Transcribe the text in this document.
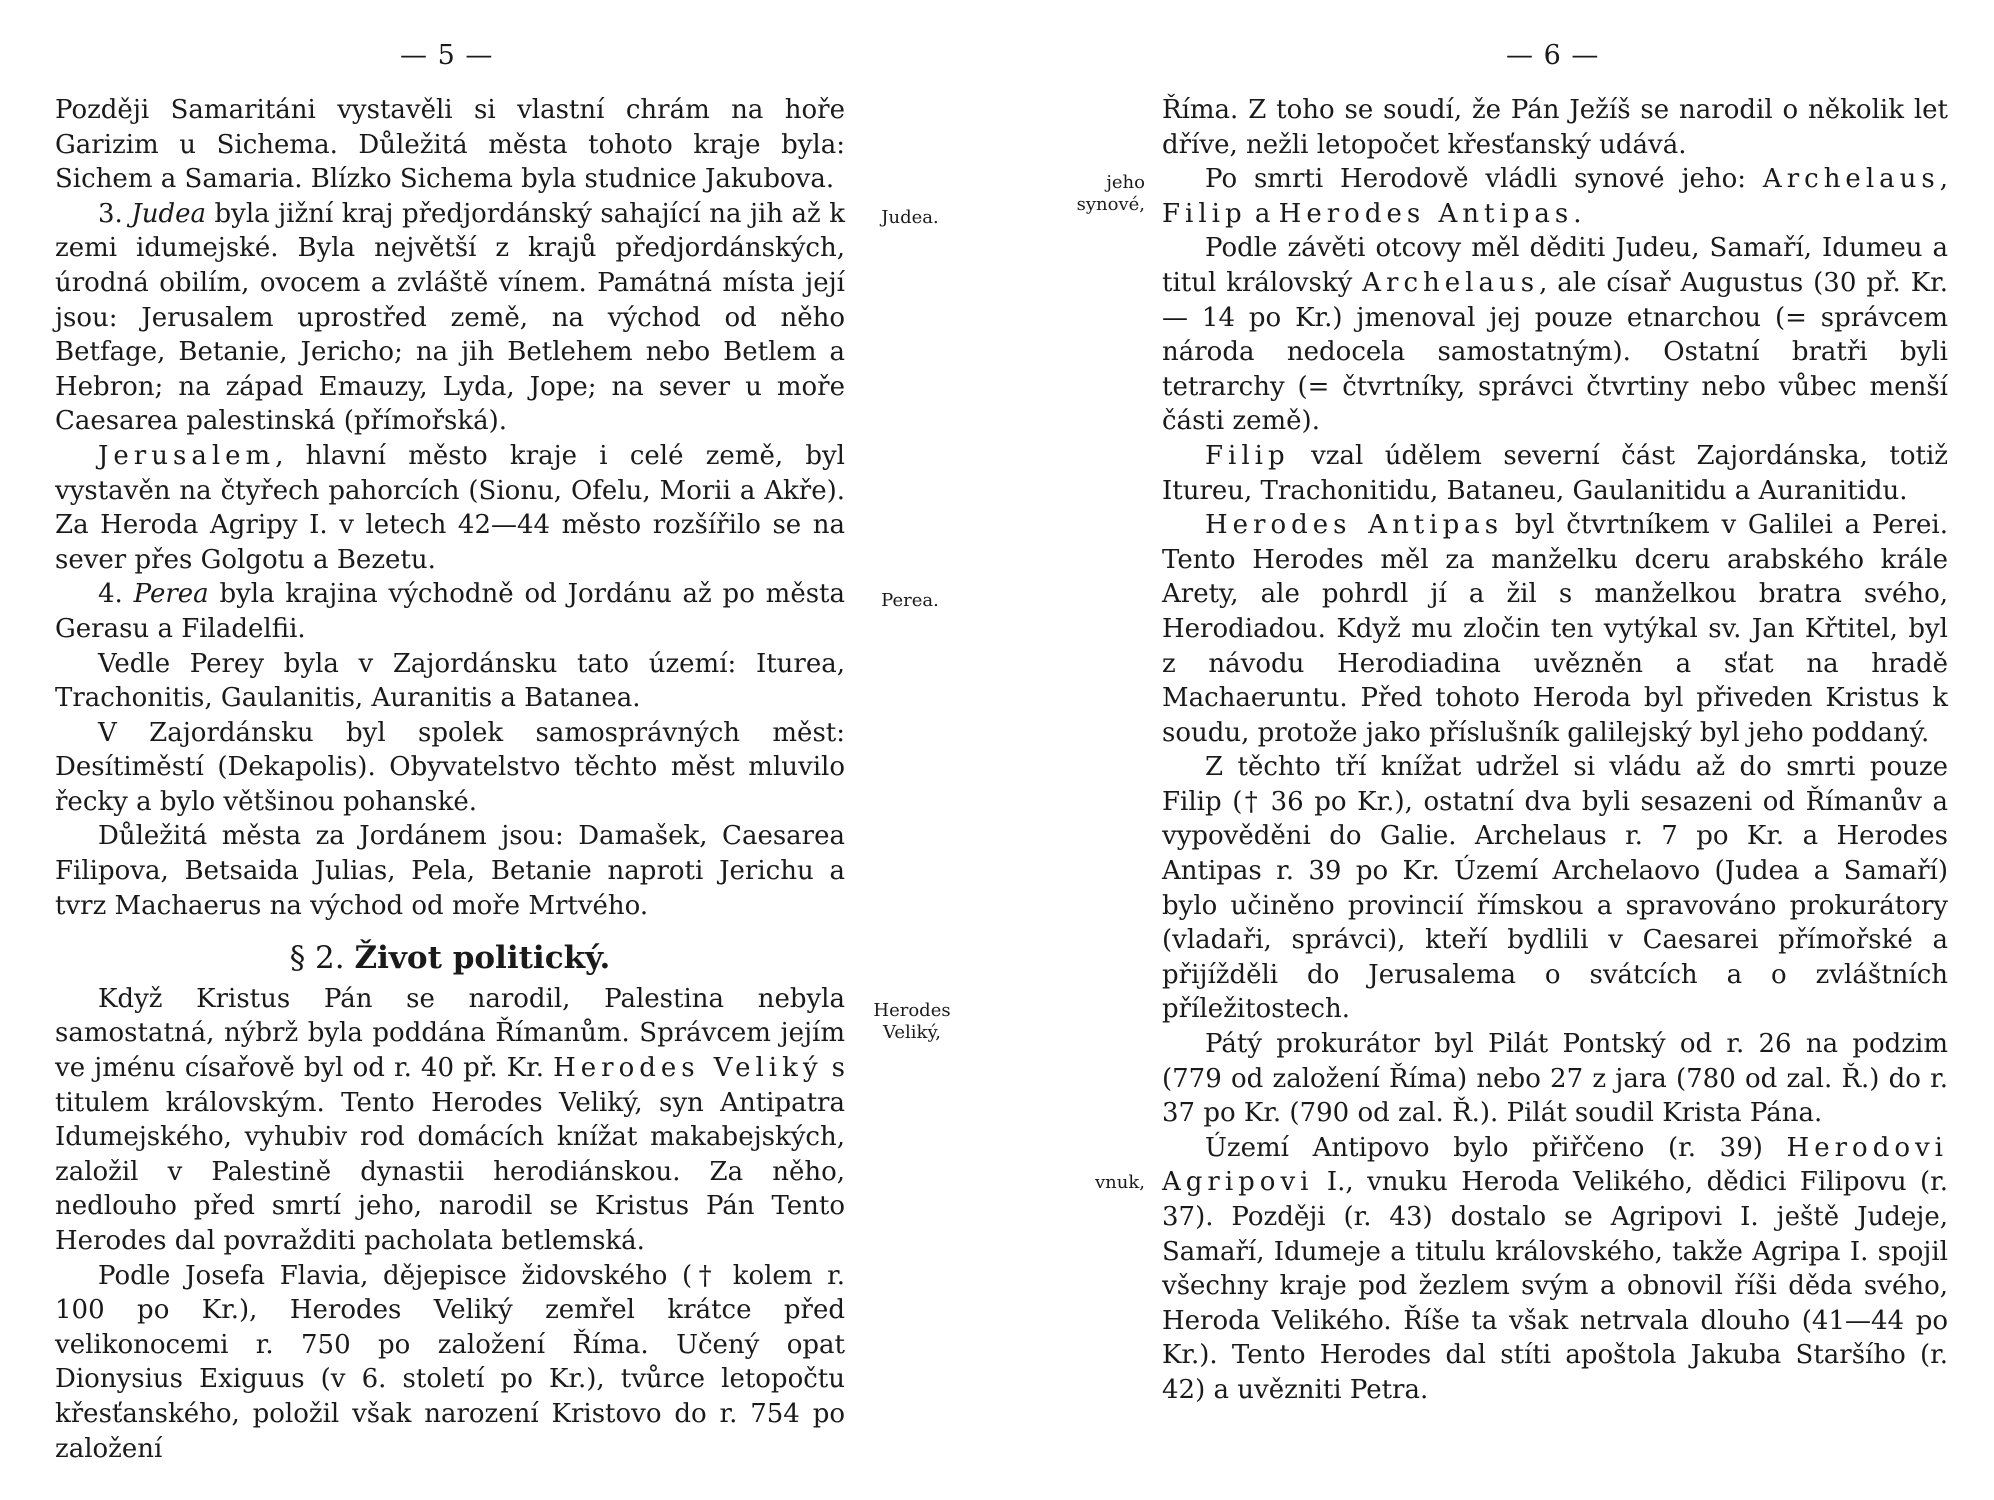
— 5 —

Později Samaritáni vystavěli si vlastní chrám na hoře Garizim u Sichema. Důležitá města tohoto kraje byla: Sichem a Samaria. Blízko Sichema byla studnice Jakubova.

3. Judea byla jižní kraj předjordánský sahající na jih až k zemi idumejské. Byla největší z krajů předjordánských, úrodná obilím, ovocem a zvláště vínem. Památná místa její jsou: Jerusalem uprostřed země, na východ od něho Betfage, Betanie, Jericho; na jih Betlehem nebo Betlem a Hebron; na západ Emauzy, Lyda, Jope; na sever u moře Caesarea palestinská (přímořská).

Jerusalem, hlavní město kraje i celé země, byl vystavěn na čtyřech pahorcích (Sionu, Ofelu, Morii a Akře). Za Heroda Agripy I. v letech 42—44 město rozšířilo se na sever přes Golgotu a Bezetu.

4. Perea byla krajina východně od Jordánu až po města Gerasu a Filadelfii.

Vedle Perey byla v Zajordánsku tato území: Iturea, Trachonitis, Gaulanitis, Auranitis a Batanea.

V Zajordánsku byl spolek samosprávných měst: Desítiměstí (Dekapolis). Obyvatelstvo těchto měst mluvilo řecky a bylo většinou pohanské.

Důležitá města za Jordánem jsou: Damašek, Caesarea Filipova, Betsaida Julias, Pela, Betanie naproti Jerichu a tvrz Machaerus na východ od moře Mrtvého.

§ 2. Život politický.

Když Kristus Pán se narodil, Palestina nebyla samostatná, nýbrž byla poddána Římanům. Správcem jejím ve jménu císařově byl od r. 40 př. Kr. Herodes Veliký s titulem královským. Tento Herodes Veliký, syn Antipatra Idumejského, vyhubiv rod domácích knížat makabejských, založil v Palestině dynastii herodiánskou. Za něho, nedlouho před smrtí jeho, narodil se Kristus Pán Tento Herodes dal povražditi pacholata betlemská.

Podle Josefa Flavia, dějepisce židovského († kolem r. 100 po Kr.), Herodes Veliký zemřel krátce před velikonocemi r. 750 po založení Říma. Učený opat Dionysius Exiguus (v 6. století po Kr.), tvůrce letopočtu křesťanského, položil však narození Kristovo do r. 754 po založení

Judea.
Perea.
Herodes
Veliký,
— 6 —
jeho
synové,
vnuk,

Říma. Z toho se soudí, že Pán Ježíš se narodil o několik let dříve, nežli letopočet křesťanský udává.

Po smrti Herodově vládli synové jeho: Archelaus, Filip a Herodes Antipas.

Podle závěti otcovy měl děditi Judeu, Samaří, Idumeu a titul královský Archelaus, ale císař Augustus (30 př. Kr. — 14 po Kr.) jmenoval jej pouze etnarchou (= správcem národa nedocela samostatným). Ostatní bratři byli tetrarchy (= čtvrtníky, správci čtvrtiny nebo vůbec menší části země).

Filip vzal údělem severní část Zajordánska, totiž Itureu, Trachonitidu, Bataneu, Gaulanitidu a Auranitidu.

Herodes Antipas byl čtvrtníkem v Galilei a Perei. Tento Herodes měl za manželku dceru arabského krále Arety, ale pohrdl jí a žil s manželkou bratra svého, Herodiadou. Když mu zločin ten vytýkal sv. Jan Křtitel, byl z návodu Herodiadina uvězněn a sťat na hradě Machaeruntu. Před tohoto Heroda byl přiveden Kristus k soudu, protože jako příslušník galilejský byl jeho poddaný.

Z těchto tří knížat udržel si vládu až do smrti pouze Filip († 36 po Kr.), ostatní dva byli sesazeni od Římanův a vypověděni do Galie. Archelaus r. 7 po Kr. a Herodes Antipas r. 39 po Kr. Území Archelaovo (Judea a Samaří) bylo učiněno provincií římskou a spravováno prokurátory (vladaři, správci), kteří bydlili v Caesarei přímořské a přijížděli do Jerusalema o svátcích a o zvláštních příležitostech.

Pátý prokurátor byl Pilát Pontský od r. 26 na podzim (779 od založení Říma) nebo 27 z jara (780 od zal. Ř.) do r. 37 po Kr. (790 od zal. Ř.). Pilát soudil Krista Pána.

Území Antipovo bylo přiřčeno (r. 39) Herodovi Agripovi I., vnuku Heroda Velikého, dědici Filipovu (r. 37). Později (r. 43) dostalo se Agripovi I. ještě Judeje, Samaří, Idumeje a titulu královského, takže Agripa I. spojil všechny kraje pod žezlem svým a obnovil říši děda svého, Heroda Velikého. Říše ta však netrvala dlouho (41—44 po Kr.). Tento Herodes dal stíti apoštola Jakuba Staršího (r. 42) a uvězniti Petra.
